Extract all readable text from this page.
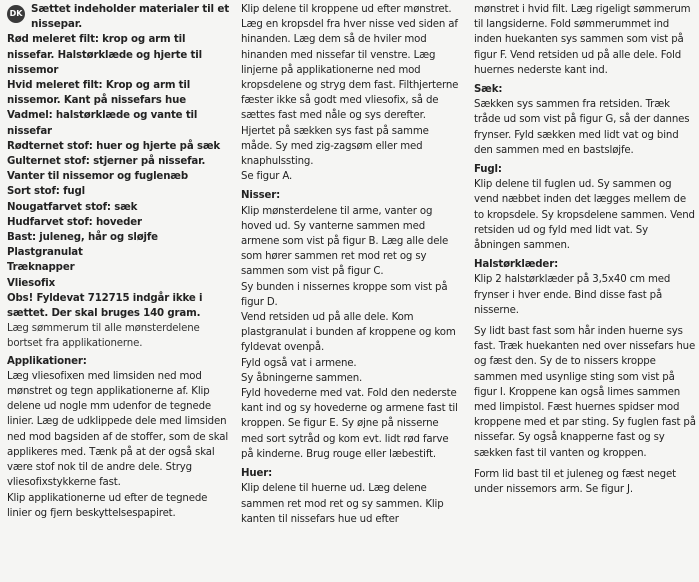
DK Sættet indeholder materialer til et nissepar.

Rød meleret filt: krop og arm til nissefar. Halstørklæde og hjerte til nissemor

Hvid meleret filt: Krop og arm til nissemor. Kant på nissefars hue

Vadmel: halstørklæde og vante til nissefar

Rødternet stof: huer og hjerte på sæk

Gulternet stof: stjerner på nissefar.

Vanter til nissemor og fuglenæb

Sort stof: fugl

Nougatfarvet stof: sæk

Hudfarvet stof: hoveder

Bast: juleneg, hår og sløjfe

Plastgranulat

Træknapper

Vliesofix

Obs! Fyldevat 712715 indgår ikke i sættet. Der skal bruges 140 gram.

Læg sømmerum til alle mønsterdelene bortset fra applikationerne.

Applikationer:

Læg vliesofixen med limsiden ned mod mønstret og tegn applikationerne af. Klip delene ud nogle mm udenfor de tegnede linier. Læg de udklippede dele med limsiden ned mod bagsiden af de stoffer, som de skal applikeres med. Tænk på at der også skal være stof nok til de andre dele. Stryg vliesofixstykkerne fast.

Klip applikationerne ud efter de tegnede linier og fjern beskyttelsespapiret.

Klip delene til kroppene ud efter mønstret. Læg en kropsdel fra hver nisse ved siden af hinanden. Læg dem så de hviler mod hinanden med nissefar til venstre. Læg linjerne på applikationerne ned mod kropsdelene og stryg dem fast. Filthjerterne fæster ikke så godt med vliesofix, så de sættes fast med nåle og sys derefter. Hjertet på sækken sys fast på samme måde. Sy med zig-zagsøm eller med knaphulssting.

Se figur A.

Nisser:

Klip mønsterdelene til arme, vanter og hoved ud. Sy vanterne sammen med armene som vist på figur B. Læg alle dele som hører sammen ret mod ret og sy sammen som vist på figur C.

Sy bunden i nissernes kroppe som vist på figur D.

Vend retsiden ud på alle dele. Kom plastgranulat i bunden af kroppene og kom fyldevat ovenpå.

Fyld også vat i armene.

Sy åbningerne sammen.

Fyld hovederne med vat. Fold den nederste kant ind og sy hovederne og armene fast til kroppen. Se figur E. Sy øjne på nisserne med sort sytråd og kom evt. lidt rød farve på kinderne. Brug rouge eller læbestift.

Huer:

Klip delene til huerne ud. Læg delene sammen ret mod ret og sy sammen. Klip kanten til nissefars hue ud efter

mønstret i hvid filt. Læg rigeligt sømmerum til langsiderne. Fold sømmerummet ind inden huekanten sys sammen som vist på figur F. Vend retsiden ud på alle dele. Fold huernes nederste kant ind.

Sæk:

Sækken sys sammen fra retsiden. Træk tråde ud som vist på figur G, så der dannes frynser. Fyld sækken med lidt vat og bind den sammen med en bastsløjfe.

Fugl:

Klip delene til fuglen ud. Sy sammen og vend næbbet inden det lægges mellem de to kropsdele. Sy kropsdelene sammen. Vend retsiden ud og fyld med lidt vat. Sy åbningen sammen.

Halstørklæder:

Klip 2 halstørklæder på 3,5x40 cm med frynser i hver ende. Bind disse fast på nisserne.

Sy lidt bast fast som hår inden huerne sys fast. Træk huekanten ned over nissefars hue og fæst den. Sy de to nissers kroppe sammen med usynlige sting som vist på figur I. Kroppene kan også limes sammen med limpistol. Fæst huernes spidser mod kroppene med et par sting. Sy fuglen fast på nissefar. Sy også knapperne fast og sy sækken fast til vanten og kroppen.

Form lid bast til et juleneg og fæst neget under nissemors arm. Se figur J.
